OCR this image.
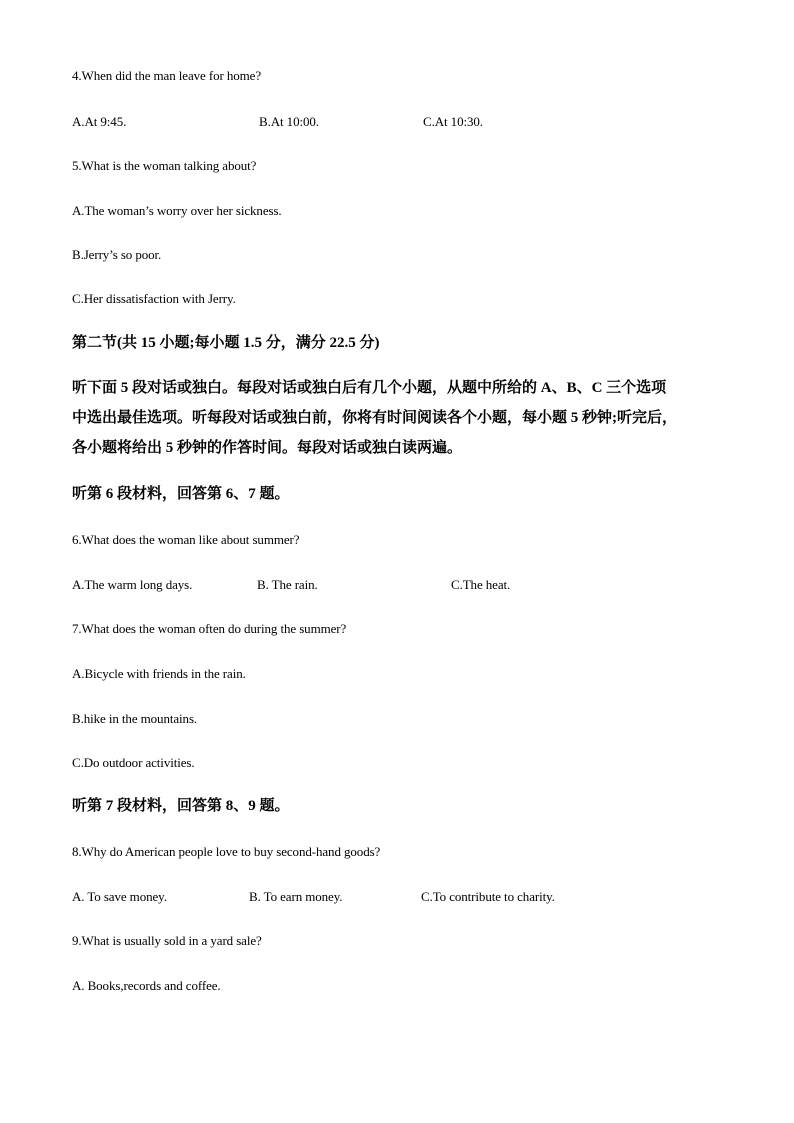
4.When did the man leave for home?
A.At 9:45.	B.At 10:00.	C.At 10:30.
5.What is the woman talking about?
A.The woman’s worry over her sickness.
B.Jerry’s so poor.
C.Her dissatisfaction with Jerry.
第二节(共 15 小题;每小题 1.5 分，满分 22.5 分)
听下面 5 段对话或独白。每段对话或独白后有几个小题，从题中所给的 A、B、C 三个选项
中选出最佳选项。听每段对话或独白前，你将有时间阅读各个小题，每小题 5 秒钟;听完后，
各小题将给出 5 秒钟的作答时间。每段对话或独白读两遍。
听第 6 段材料，回答第 6、7 题。
6.What does the woman like about summer?
A.The warm long days.	B. The rain.	C.The heat.
7.What does the woman often do during the summer?
A.Bicycle with friends in the rain.
B.hike in the mountains.
C.Do outdoor activities.
听第 7 段材料，回答第 8、9 题。
8.Why do American people love to buy second-hand goods?
A. To save money.	B. To earn money.	C.To contribute to charity.
9.What is usually sold in a yard sale?
A. Books,records and coffee.
